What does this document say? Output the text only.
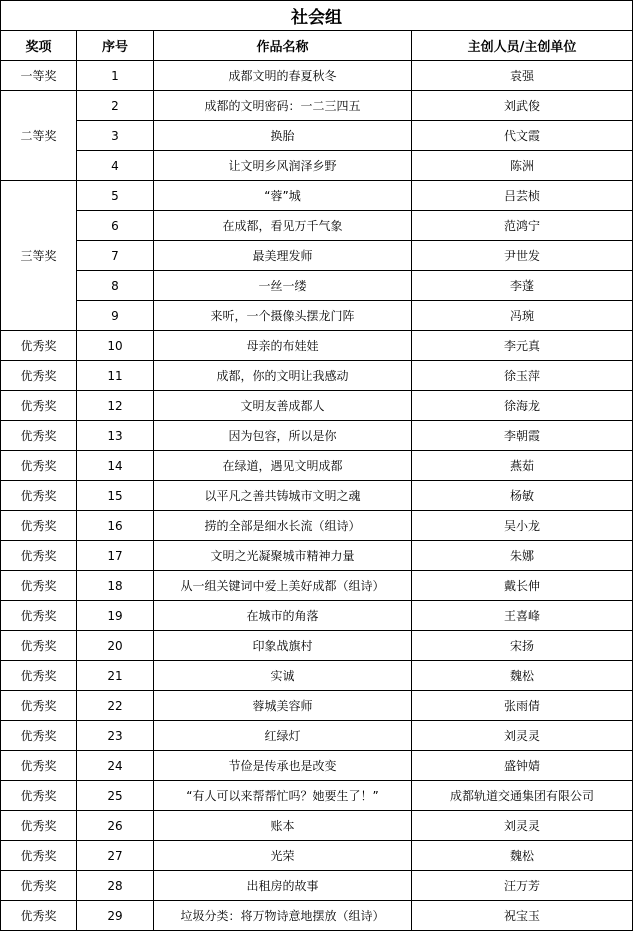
社会组			
奖项	序号	作品名称	主创人员/主创单位
一等奖	1	成都文明的春夏秋冬	袁强
二等奖	2	成都的文明密码：一二三四五	刘武俊
	3	换胎	代文霞
	4	让文明乡风润泽乡野	陈洲
三等奖	5	“蓉”城	吕芸桢
	6	在成都，看见万千气象	范鸿宁
	7	最美理发师	尹世发
	8	一丝一缕	李蓬
	9	来听，一个摄像头摆龙门阵	冯琬
优秀奖	10	母亲的布娃娃	李元真
优秀奖	11	成都，你的文明让我感动	徐玉萍
优秀奖	12	文明友善成都人	徐海龙
优秀奖	13	因为包容，所以是你	李朝霞
优秀奖	14	在绿道，遇见文明成都	燕茹
优秀奖	15	以平凡之善共铸城市文明之魂	杨敏
优秀奖	16	捞的全部是细水长流（组诗）	吴小龙
优秀奖	17	文明之光凝聚城市精神力量	朱娜
优秀奖	18	从一组关键词中爱上美好成都（组诗）	戴长伸
优秀奖	19	在城市的角落	王喜峰
优秀奖	20	印象战旗村	宋扬
优秀奖	21	实诚	魏松
优秀奖	22	蓉城美容师	张雨倩
优秀奖	23	红绿灯	刘灵灵
优秀奖	24	节俭是传承也是改变	盛钟婧
优秀奖	25	“有人可以来帮帮忙吗？她要生了！”	成都轨道交通集团有限公司
优秀奖	26	账本	刘灵灵
优秀奖	27	光荣	魏松
优秀奖	28	出租房的故事	汪万芳
优秀奖	29	垃圾分类：将万物诗意地摆放（组诗）	祝宝玉
